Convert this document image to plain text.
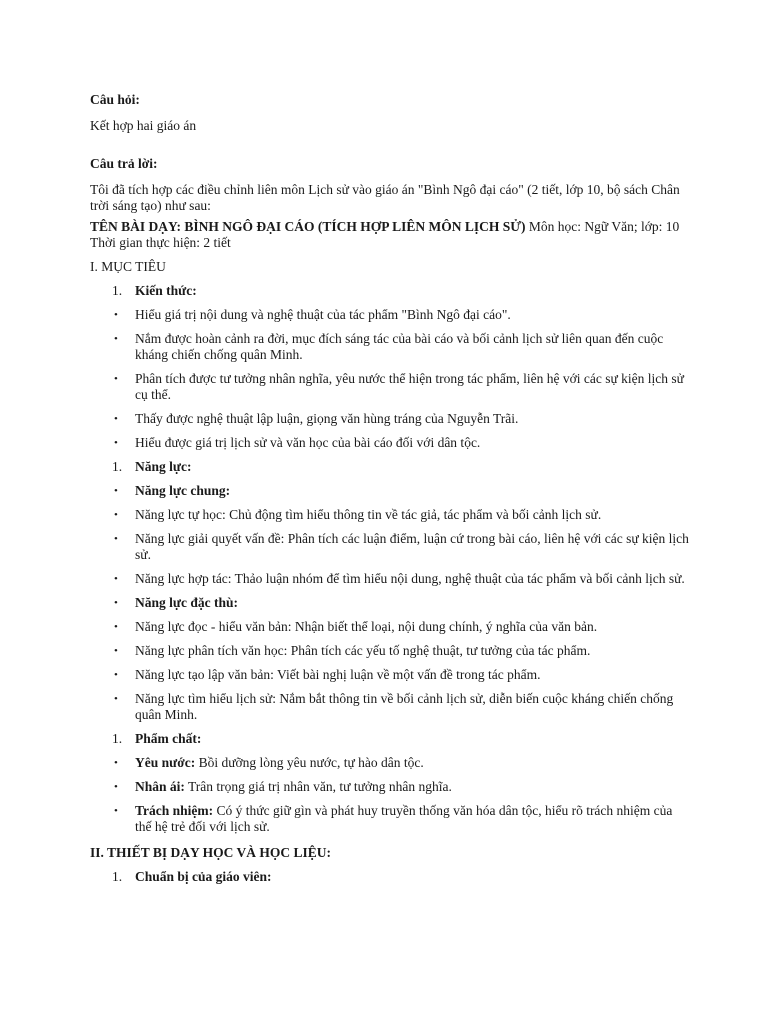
Câu hỏi:

Kết hợp hai giáo án

Câu trả lời:

Tôi đã tích hợp các điều chỉnh liên môn Lịch sử vào giáo án "Bình Ngô đại cáo" (2 tiết, lớp 10, bộ sách Chân trời sáng tạo) như sau:

TÊN BÀI DẠY: BÌNH NGÔ ĐẠI CÁO (TÍCH HỢP LIÊN MÔN LỊCH SỬ) Môn học: Ngữ Văn; lớp: 10 Thời gian thực hiện: 2 tiết

I. MỤC TIÊU

1. Kiến thức:
•	Hiểu giá trị nội dung và nghệ thuật của tác phẩm "Bình Ngô đại cáo".
•	Nắm được hoàn cảnh ra đời, mục đích sáng tác của bài cáo và bối cảnh lịch sử liên quan đến cuộc kháng chiến chống quân Minh.
•	Phân tích được tư tưởng nhân nghĩa, yêu nước thể hiện trong tác phẩm, liên hệ với các sự kiện lịch sử cụ thể.
•	Thấy được nghệ thuật lập luận, giọng văn hùng tráng của Nguyễn Trãi.
•	Hiểu được giá trị lịch sử và văn học của bài cáo đối với dân tộc.
1. Năng lực:
•	Năng lực chung:
•	Năng lực tự học: Chủ động tìm hiểu thông tin về tác giả, tác phẩm và bối cảnh lịch sử.
•	Năng lực giải quyết vấn đề: Phân tích các luận điểm, luận cứ trong bài cáo, liên hệ với các sự kiện lịch sử.
•	Năng lực hợp tác: Thảo luận nhóm để tìm hiểu nội dung, nghệ thuật của tác phẩm và bối cảnh lịch sử.
•	Năng lực đặc thù:
•	Năng lực đọc - hiểu văn bản: Nhận biết thể loại, nội dung chính, ý nghĩa của văn bản.
•	Năng lực phân tích văn học: Phân tích các yếu tố nghệ thuật, tư tưởng của tác phẩm.
•	Năng lực tạo lập văn bản: Viết bài nghị luận về một vấn đề trong tác phẩm.
•	Năng lực tìm hiểu lịch sử: Nắm bắt thông tin về bối cảnh lịch sử, diễn biến cuộc kháng chiến chống quân Minh.
1. Phẩm chất:
•	Yêu nước: Bồi dưỡng lòng yêu nước, tự hào dân tộc.
•	Nhân ái: Trân trọng giá trị nhân văn, tư tưởng nhân nghĩa.
•	Trách nhiệm: Có ý thức giữ gìn và phát huy truyền thống văn hóa dân tộc, hiểu rõ trách nhiệm của thế hệ trẻ đối với lịch sử.

II. THIẾT BỊ DẠY HỌC VÀ HỌC LIỆU:

1. Chuẩn bị của giáo viên:
